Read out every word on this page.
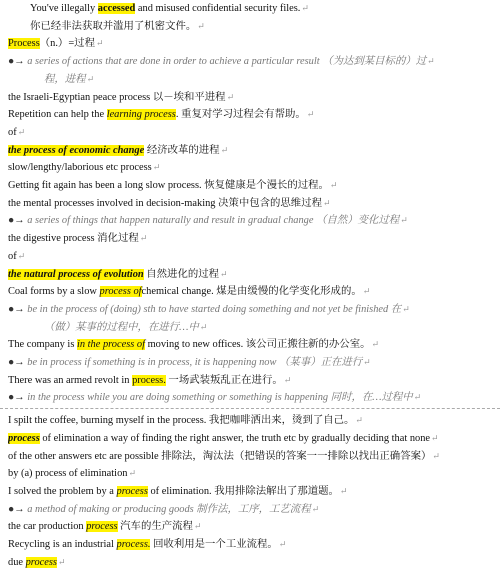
You've illegally accessed and misused confidential security files.↵
你已经非法获取并滥用了机密文件。↵
Process（n.）=过程↵
●→ a series of actions that are done in order to achieve a particular result （为达到某目标的）过↵
程，进程↵
the Israeli-Egyptian peace process 以－埃和平进程↵
Repetition can help the learning process. 重复对学习过程会有帮助。↵
of↵
the process of economic change 经济改革的进程↵
slow/lengthy/laborious etc process↵
Getting fit again has been a long slow process. 恢复健康是个漫长的过程。↵
the mental processes involved in decision-making 决策中包含的思维过程↵
●→ a series of things that happen naturally and result in gradual change （自然）变化过程↵
the digestive process 消化过程↵
of↵
the natural process of evolution 自然进化的过程↵
Coal forms by a slow process ofchemical change. 煤是由缓慢的化学变化形成的。↵
●→ be in the process of (doing) sth to have started doing something and not yet be finished 在↵
（做）某事的过程中，在进行…中↵
The company is in the process of moving to new offices. 该公司正搬往新的办公室。↵
●→ be in process if something is in process, it is happening now （某事）正在进行↵
There was an armed revolt in process. 一场武装叛乱正在进行。↵
●→ in the process while you are doing something or something is happening 同时，在…过程中↵
I spilt the coffee, burning myself in the process. 我把咖啡洒出来，烫到了自己。↵
process of elimination a way of finding the right answer, the truth etc by gradually deciding that none↵
of the other answers etc are possible 排除法，淘汰法（把错误的答案一一排除以找出正确答案）↵
by (a) process of elimination↵
I solved the problem by a process of elimination. 我用排除法解出了那道题。↵
●→ a method of making or producing goods 制作法，工序，工艺流程↵
the car production process 汽车的生产流程↵
Recycling is an industrial process. 回收利用是一个工业流程。↵
due process↵
